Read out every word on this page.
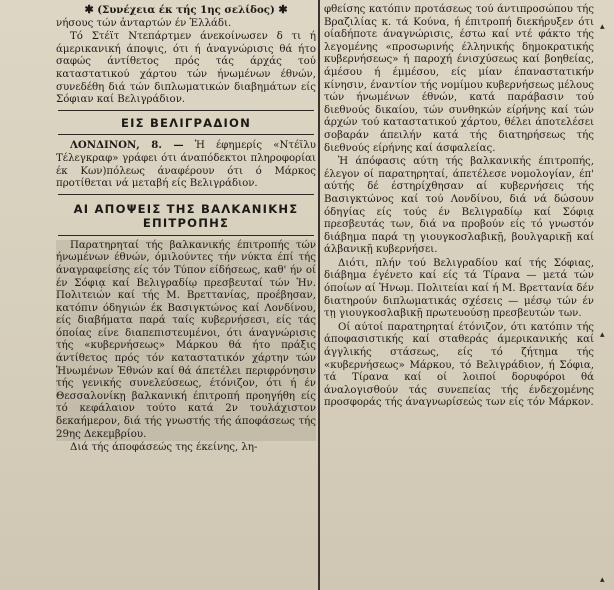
✱ (Συνέχεια έκ τής 1ης σελίδος) ✱

νήσους τών ἀνταρτών έν Ἑλλάδι.

Τό Στέϊτ Ντεπάρτμεν άνεκοίνωσεν δ τι ή άμερικανική άποψις, ότι ή ἀναγνώρισις θά ήτο σαφώς άντίθετος πρός τάς άρχάς τού καταστατικού χάρτου τών ήνωμένων έθνών, συνεδέθη διά τών διπλωματικών διαβημάτων είς Σόφιαν καί Βελιγράδιον.

ΕΙΣ ΒΕΛΙΓΡΑΔΙΟΝ

ΛΟΝΔΙΝΟΝ, 8. — Ἡ έφημερίς «Ντέϊλυ Τέλεγκραφ» γράφει ότι άναπόδεκτοι πληροφορίαι έκ Κων)πόλεως άναφέρουν ότι ό Μάρκος προτίθεται νά μεταβή είς Βελιγράδιον.

ΑΙ ΑΠΟΨΕΙΣ ΤΗΣ ΒΑΛΚΑΝΙΚΗΣ
ΕΠΙΤΡΟΠΗΣ

Παρατηρηταί τής βαλκανικής έπιτροπής τών ήνωμένων έθνών, όμιλούντες τήν νύκτα έπί τής άναγραφείσης είς τόν Τύπον είδήσεως, καθ' ήν οί έν Σόφιᾳ καί Βελιγραδίῳ πρεσβευταί τών Ἡν. Πολιτειών καί τής Μ. Βρεττανίας, προέβησαν, κατόπιν όδηγιών έκ Βασιγκτώνος καί Λονδίνου, είς διαβήματα παρά ταίς κυβερνήσεσι, είς τάς όποίας είνε διαπεπιστευμένοι, ότι άναγνώρισις τής «κυβερνήσεως» Μάρκου θά ήτο πράξις άντίθετος πρός τόν καταστατικόν χάρτην τών Ἡνωμένων Ἐθνών καί θά άπετέλει περιφρόνησιν τής γενικής συνελεύσεως, έτόνιζον, ότι ή έν Θεσσαλονίκῃ βαλκανική έπιτροπή προηγήθη είς τό κεφάλαιον τούτο κατά 2ν τουλάχιστον δεκαήμερον, διά τής γνωστής τής άποφάσεως τής 29ης Δεκεμβρίου.

Διά τής άποφάσεώς της έκείνης, λη-

φθείσης κατόπιν προτάσεως τού άντιπροσώπου τής Βραζιλίας κ. τά Κούνα, ή έπιτροπή διεκήρυξεν ότι οίαδήποτε άναγνώρισις, έστω καί ντέ φάκτο τής λεγομένης «προσωρινής έλληνικής δημοκρατικής κυβερνήσεως» ή παροχή ένισχύσεως καί βοηθείας, άμέσου ή έμμέσου, είς μίαν έπαναστατικήν κίνησιν, έναντίον τής νομίμου κυβερνήσεως μέλους τών ήνωμένων έθνών, κατά παράβασιν τού διεθνούς δικαίου, τών συνθηκών είρήνης καί τών άρχών τού καταστατικού χάρτου, θέλει άποτελέσει σοβαράν άπειλήν κατά τής διατηρήσεως τής διεθνούς είρήνης καί άσφαλείας.

Ἡ άπόφασις αύτη τής βαλκανικής έπιτροπής, έλεγον οί παρατηρηταί, άπετέλεσε νομολογίαν, έπ' αύτής δέ έστηρίχθησαν αί κυβερνήσεις τής Βασιγκτώνος καί τού Λονδίνου, διά νά δώσουν όδηγίας είς τούς έν Βελιγραδίῳ καί Σόφιᾳ πρεσβευτάς των, διά να προβούν είς τό γνωστόν διάβημα παρά τῃ γιουγκοσλαβικῇ, βουλγαρικῇ καί άλβανικῇ κυβερνήσει.

Διότι, πλήν τού Βελιγραδίου καί τής Σόφιας, διάβημα έγένετο καί είς τά Τίρανα — μετά τών όποίων αί Ἡνωμ. Πολιτείαι καί ή Μ. Βρεττανία δέν διατηρούν διπλωματικάς σχέσεις — μέσῳ τών έν τῃ γιουγκοσλαβικῇ πρωτευούσῃ πρεσβευτών των.

Οί αύτοί παρατηρηταί έτόνιζον, ότι κατόπιν τής άποφασιστικής καί σταθεράς άμερικανικής καί άγγλικής στάσεως, είς τό ζήτημα τής «κυβερνήσεως» Μάρκου, τό Βελιγράδιον, ή Σόφια, τά Τίρανα καί οί λοιποί δορυφόροι θά άναλογισθούν τάς συνεπείας τής ένδεχομένης προσφοράς τής άναγνωρίσεώς των είς τόν Μάρκον.

▴
▴
▴
